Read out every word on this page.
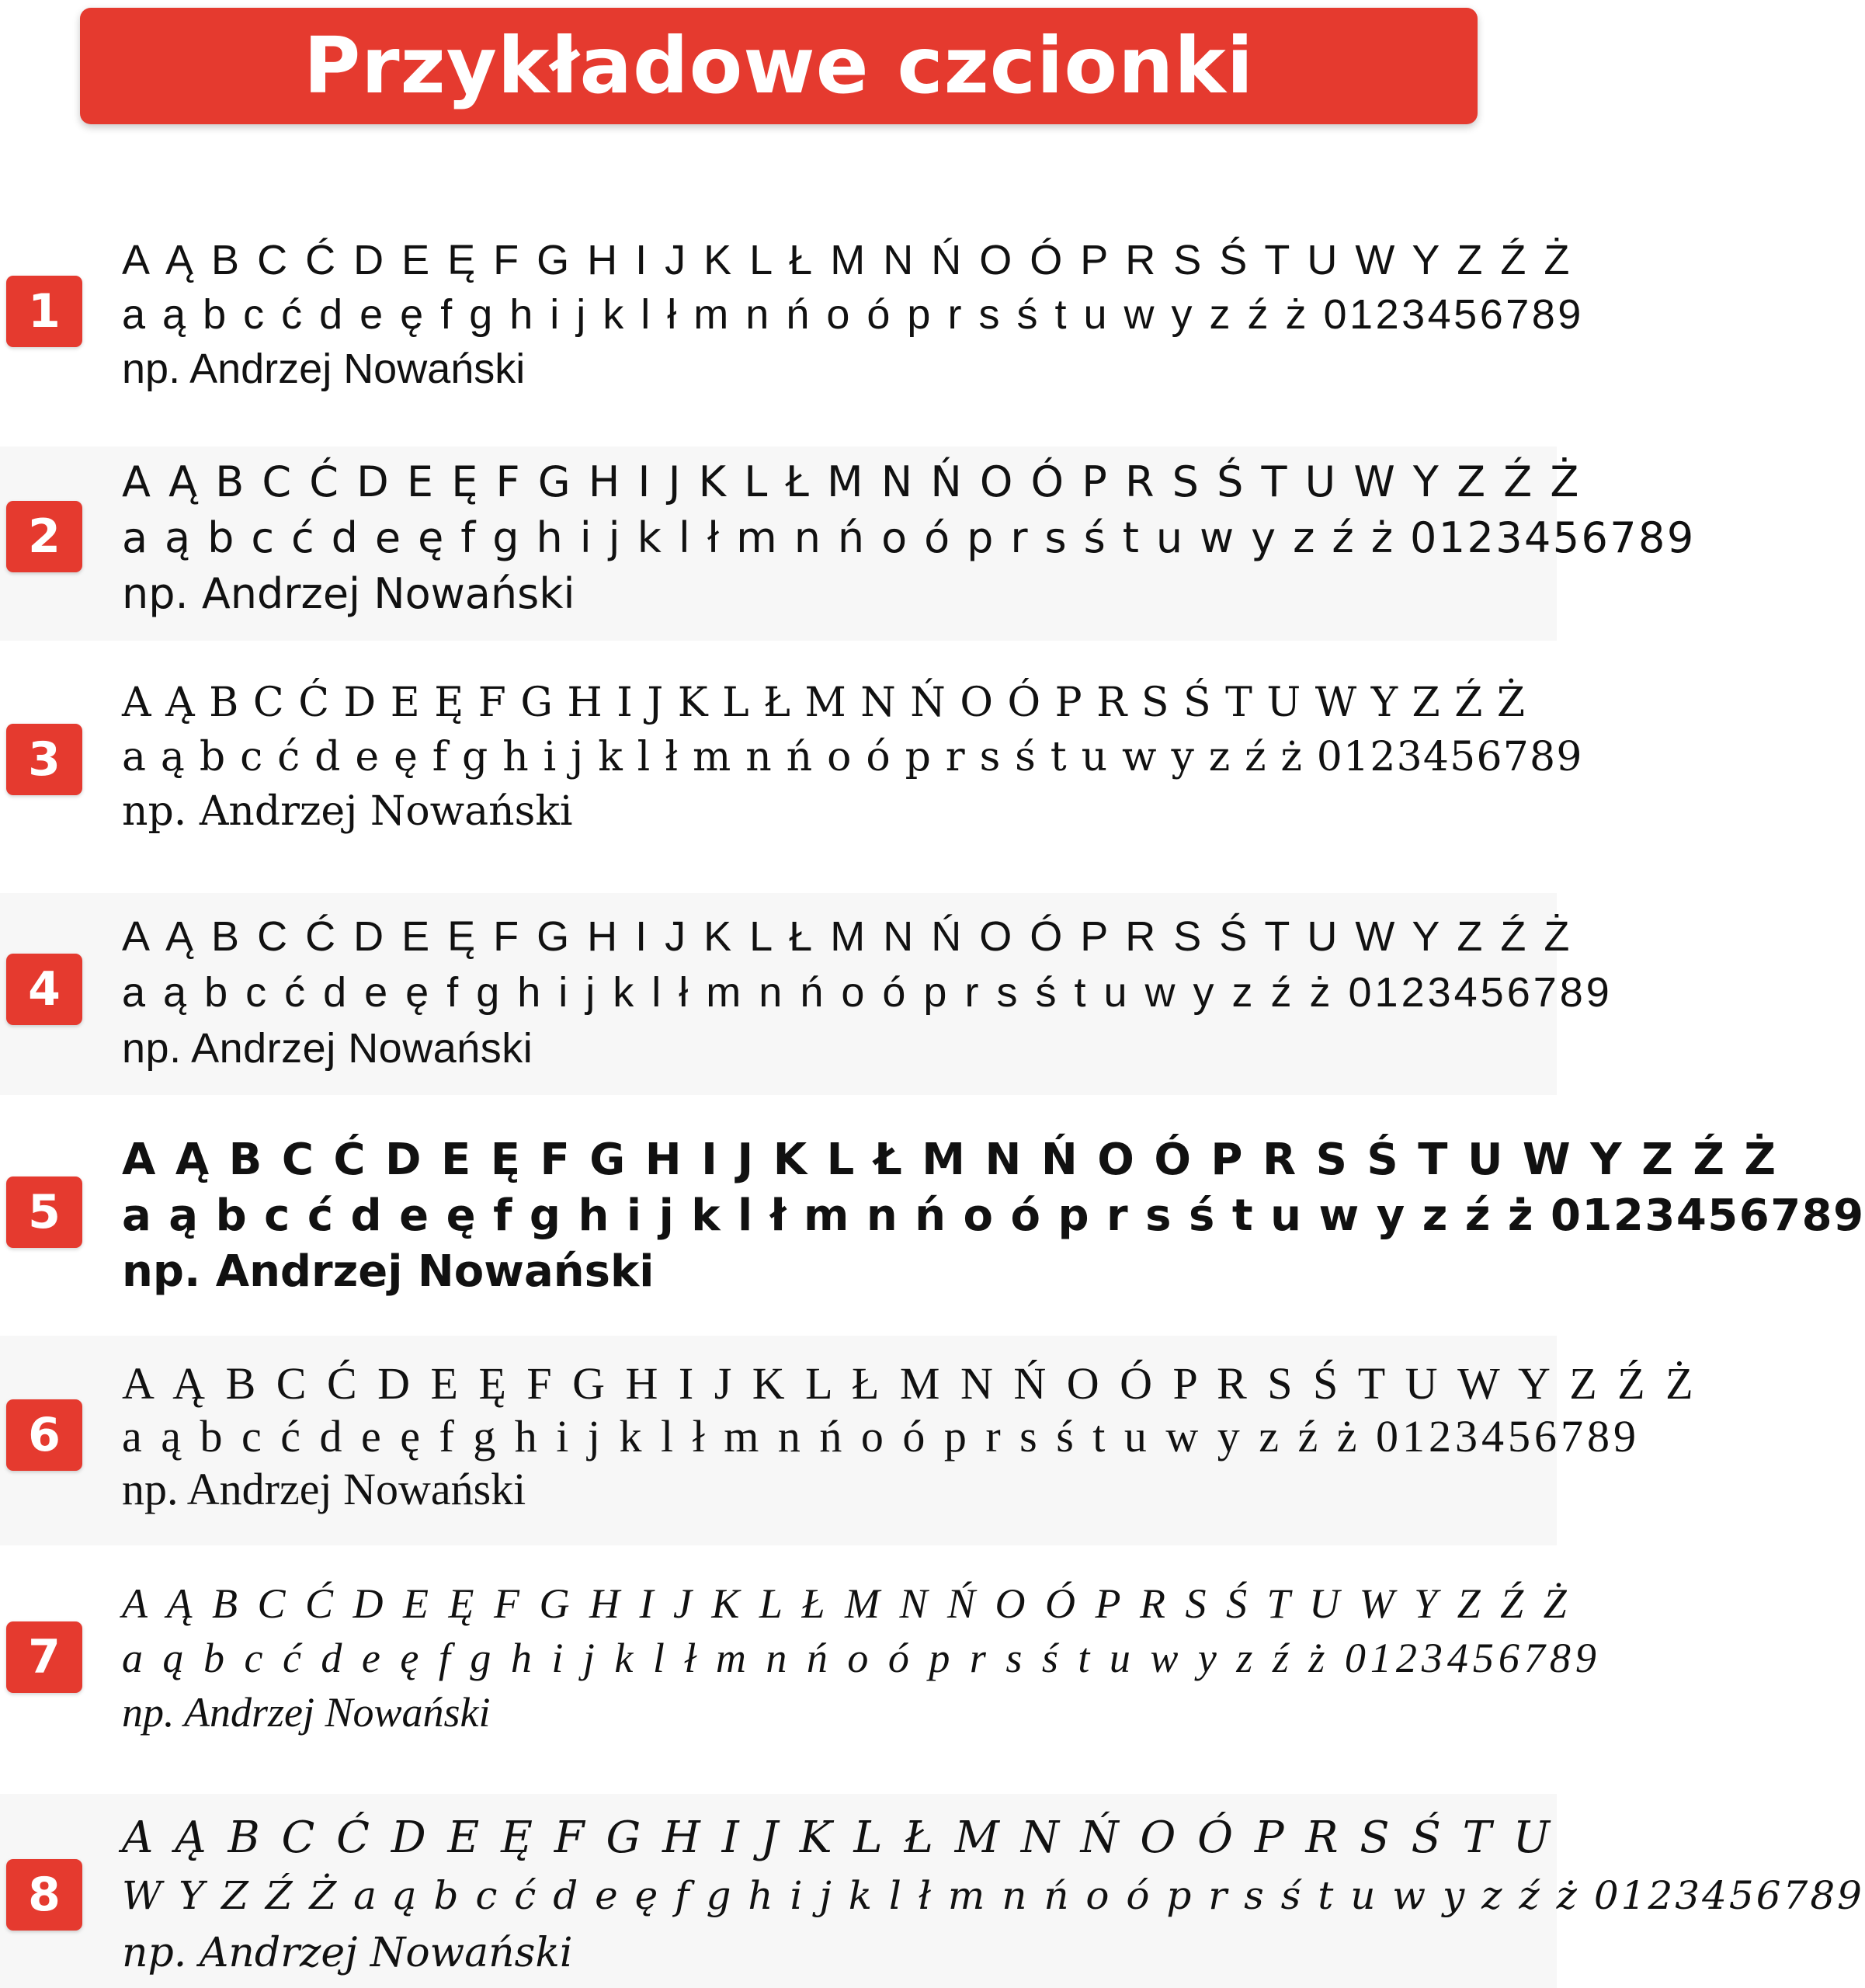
Przykładowe czcionki
1
A Ą B C Ć D E Ę F G H I J K L Ł M N Ń O Ó P R S Ś T U W Y Z Ź Ż
a ą b c ć d e ę f g h i j k l ł m n ń o ó p r s ś t u w y z ź ż 0123456789
np. Andrzej Nowański
2
A Ą B C Ć D E Ę F G H I J K L Ł M N Ń O Ó P R S Ś T U W Y Z Ź Ż
a ą b c ć d e ę f g h i j k l ł m n ń o ó p r s ś t u w y z ź ż 0123456789
np. Andrzej Nowański
3
A Ą B C Ć D E Ę F G H I J K L Ł M N Ń O Ó P R S Ś T U W Y Z Ź Ż
a ą b c ć d e ę f g h i j k l ł m n ń o ó p r s ś t u w y z ź ż 0123456789
np. Andrzej Nowański
4
A Ą B C Ć D E Ę F G H I J K L Ł M N Ń O Ó P R S Ś T U W Y Z Ź Ż
a ą b c ć d e ę f g h i j k l ł m n ń o ó p r s ś t u w y z ź ż 0123456789
np. Andrzej Nowański
5
A Ą B C Ć D E Ę F G H I J K L Ł M N Ń O Ó P R S Ś T U W Y Z Ź Ż
a ą b c ć d e ę f g h i j k l ł m n ń o ó p r s ś t u w y z ź ż 0123456789
np. Andrzej Nowański
6
A Ą B C Ć D E Ę F G H I J K L Ł M N Ń O Ó P R S Ś T U W Y Z Ź Ż
a ą b c ć d e ę f g h i j k l ł m n ń o ó p r s ś t u w y z ź ż 0123456789
np. Andrzej Nowański
7
A Ą B C Ć D E Ę F G H I J K L Ł M N Ń O Ó P R S Ś T U W Y Z Ź Ż
a ą b c ć d e ę f g h i j k l ł m n ń o ó p r s ś t u w y z ź ż 0123456789
np. Andrzej Nowański
8
A Ą B C Ć D E Ę F G H I J K L Ł M N Ń O Ó P R S Ś T U
W Y Z Ź Ż a ą b c ć d e ę f g h i j k l ł m n ń o ó p r s ś t u w y z ź ż 0123456789
np. Andrzej Nowański
